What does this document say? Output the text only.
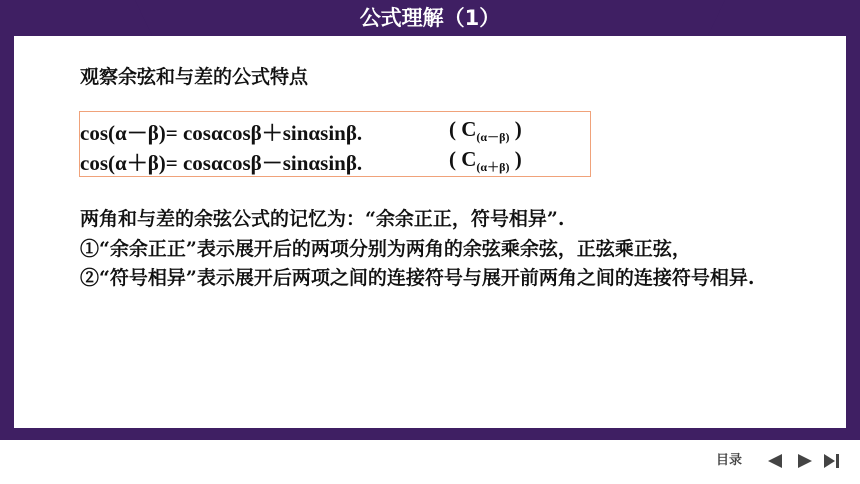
公式理解（1）
观察余弦和与差的公式特点
cos(α－β)= cosαcosβ＋sinαsinβ.	( $C_{(\alpha-\beta)}$ )
cos(α＋β)= cosαcosβ－sinαsinβ.	( $C_{(\alpha+\beta)}$ )

两角和与差的余弦公式的记忆为：“余余正正，符号相异”.

①“余余正正”表示展开后的两项分别为两角的余弦乘余弦，正弦乘正弦，

②“符号相异”表示展开后两项之间的连接符号与展开前两角之间的连接符号相异.

目录
